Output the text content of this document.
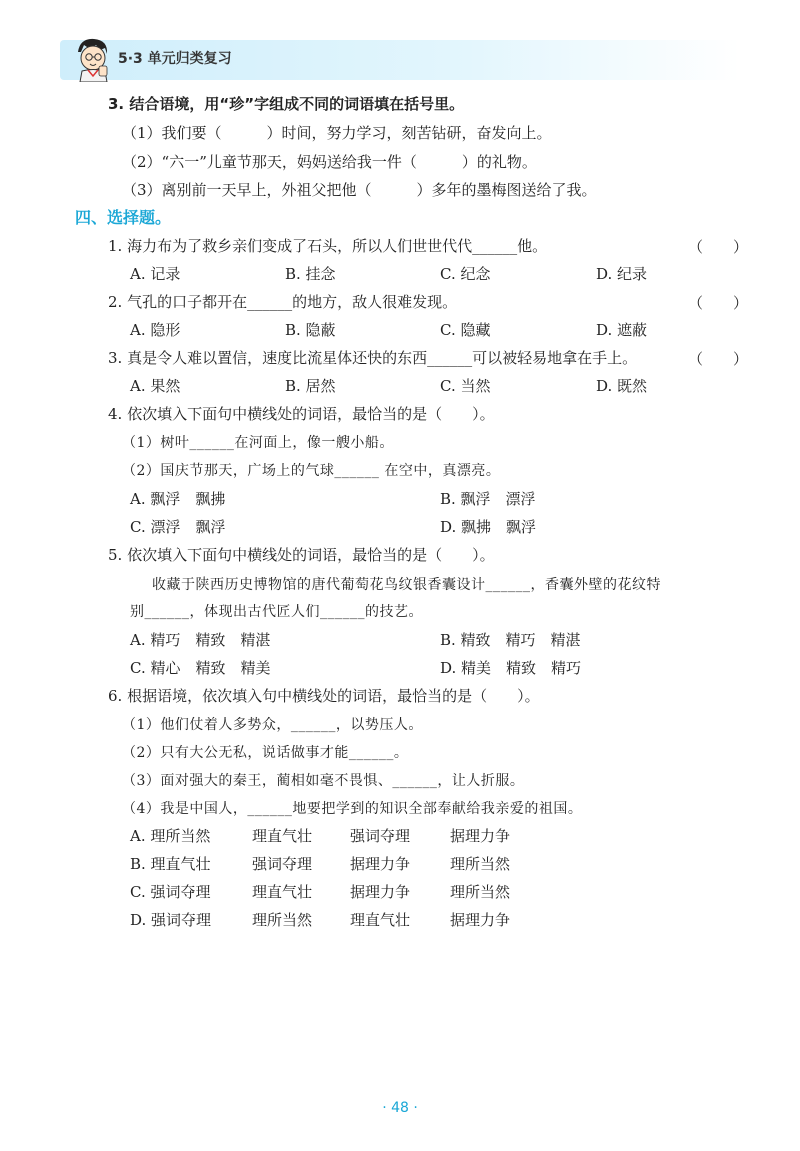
5·3 单元归类复习
3. 结合语境，用“珍”字组成不同的词语填在括号里。
（1）我们要（　　　）时间，努力学习，刻苦钻研，奋发向上。
（2）“六一”儿童节那天，妈妈送给我一件（　　　）的礼物。
（3）离别前一天早上，外祖父把他（　　　）多年的墨梅图送给了我。
四、选择题。
1. 海力布为了救乡亲们变成了石头，所以人们世世代代______他。	（　　）
A. 记录	B. 挂念	C. 纪念	D. 纪录
2. 气孔的口子都开在______的地方，敌人很难发现。	（　　）
A. 隐形	B. 隐蔽	C. 隐藏	D. 遮蔽
3. 真是令人难以置信，速度比流星体还快的东西______可以被轻易地拿在手上。	（　　）
A. 果然	B. 居然	C. 当然	D. 既然
4. 依次填入下面句中横线处的词语，最恰当的是（　　）。
（1）树叶______在河面上，像一艘小船。
（2）国庆节那天，广场上的气球______ 在空中，真漂亮。
A. 飘浮　飘拂	B. 飘浮　漂浮
C. 漂浮　飘浮	D. 飘拂　飘浮
5. 依次填入下面句中横线处的词语，最恰当的是（　　）。
收藏于陕西历史博物馆的唐代葡萄花鸟纹银香囊设计______，香囊外壁的花纹特
别______，体现出古代匠人们______的技艺。
A. 精巧　精致　精湛	B. 精致　精巧　精湛
C. 精心　精致　精美	D. 精美　精致　精巧
6. 根据语境，依次填入句中横线处的词语，最恰当的是（　　）。
（1）他们仗着人多势众，______，以势压人。
（2）只有大公无私，说话做事才能______。
（3）面对强大的秦王，蔺相如毫不畏惧、______，让人折服。
（4）我是中国人，______地要把学到的知识全部奉献给我亲爱的祖国。
A. 理所当然	理直气壮	强词夺理	据理力争
B. 理直气壮	强词夺理	据理力争	理所当然
C. 强词夺理	理直气壮	据理力争	理所当然
D. 强词夺理	理所当然	理直气壮	据理力争
· 48 ·
